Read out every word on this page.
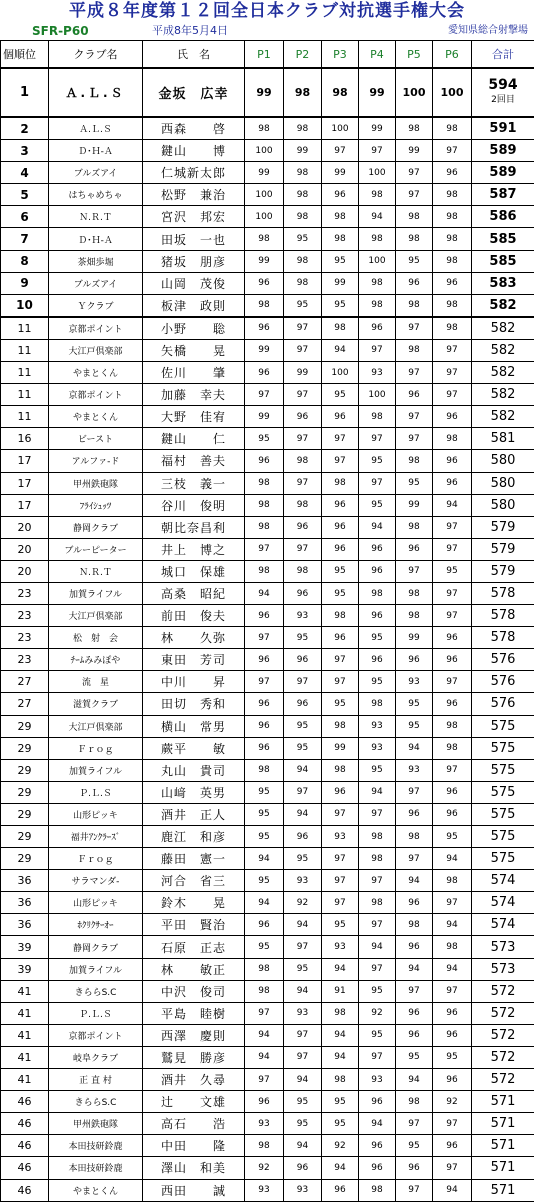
平成８年度第１２回全日本クラブ対抗選手権大会
SFR-P60	平成8年5月4日	愛知県総合射撃場
個順位	クラブ名	氏　名	P1	P2	P3	P4	P5	P6	合計
1	Ａ.Ｌ.Ｓ	金坂　広幸	99	98	98	99	100	100	594
2回目

2	Ａ.Ｌ.Ｓ	西森　　啓	98	98	100	99	98	98	591
3	Ｄ･Ｈ-Ａ	鍵山　　博	100	99	97	97	99	97	589
4	ブルズアイ	仁城新太郎	99	98	99	100	97	96	589
5	はちゃめちゃ	松野　兼治	100	98	96	98	97	98	587
6	Ｎ.Ｒ.Ｔ	宮沢　邦宏	100	98	98	94	98	98	586
7	Ｄ･Ｈ-Ａ	田坂　一也	98	95	98	98	98	98	585
8	茶畑歩堀	猪坂　朋彦	99	98	95	100	95	98	585
9	ブルズアイ	山岡　茂俊	96	98	99	98	96	96	583
10	Ｙクラブ	板津　政則	98	95	95	98	98	98	582
11	京都ポイント	小野　　聡	96	97	98	96	97	98	582
11	大江戸倶楽部	矢橋　　晃	99	97	94	97	98	97	582
11	やまとくん	佐川　　肇	96	99	100	93	97	97	582
11	京都ポイント	加藤　幸夫	97	97	95	100	96	97	582
11	やまとくん	大野　佳宥	99	96	96	98	97	96	582
16	ビースト	鍵山　　仁	95	97	97	97	97	98	581
17	アルファ-ド	福村　善夫	96	98	97	95	98	96	580
17	甲州鉄砲隊	三枝　義一	98	97	98	97	95	96	580
17	ﾌﾗｲｼｭｯﾂ	谷川　俊明	98	98	96	95	99	94	580
20	静岡クラブ	朝比奈昌利	98	96	96	94	98	97	579
20	ブルーピーター	井上　博之	97	97	96	96	96	97	579
20	Ｎ.Ｒ.Ｔ	城口　保雄	98	98	95	96	97	95	579
23	加賀ライフル	高桑　昭紀	94	96	95	98	98	97	578
23	大江戸倶楽部	前田　俊夫	96	93	98	96	98	97	578
23	松　射　会	林　　久弥	97	95	96	95	99	96	578
23	ﾁｰﾑみみぽや	東田　芳司	96	96	97	96	96	96	576
27	流　星	中川　　昇	97	97	97	95	93	97	576
27	滋賀クラブ	田切　秀和	96	96	95	98	95	96	576
29	大江戸倶楽部	横山　常男	96	95	98	93	95	98	575
29	Ｆｒｏｇ	蕨平　　敏	96	95	99	93	94	98	575
29	加賀ライフル	丸山　貴司	98	94	98	95	93	97	575
29	Ｐ.Ｌ.Ｓ	山﨑　英男	95	97	96	94	97	96	575
29	山形ピッキ	酒井　正人	95	94	97	97	96	96	575
29	福井ｱﾝｸﾗｰｽﾞ	鹿江　和彦	95	96	93	98	98	95	575
29	Ｆｒｏｇ	藤田　憲一	94	95	97	98	97	94	575
36	サラマンダ-	河合　省三	95	93	97	97	94	98	574
36	山形ピッキ	鈴木　　晃	94	92	97	98	96	97	574
36	ﾎｸﾘｸｻｰｵｰ	平田　賢治	96	94	95	97	98	94	574
39	静岡クラブ	石原　正志	95	97	93	94	96	98	573
39	加賀ライフル	林　　敏正	98	95	94	97	94	94	573
41	きららS.C	中沢　俊司	98	94	91	95	97	97	572
41	Ｐ.Ｌ.Ｓ	平島　睦樹	97	93	98	92	96	96	572
41	京都ポイント	西澤　慶則	94	97	94	95	96	96	572
41	岐阜クラブ	鷲見　勝彦	94	97	94	97	95	95	572
41	正 直 村	酒井　久尋	97	94	98	93	94	96	572
46	きららS.C	辻　　文雄	96	95	95	96	98	92	571
46	甲州鉄砲隊	高石　　浩	93	95	95	94	97	97	571
46	本田技研鈴鹿	中田　　隆	98	94	92	96	95	96	571
46	本田技研鈴鹿	澤山　和美	92	96	94	96	96	97	571
46	やまとくん	西田　　誠	93	93	96	98	97	94	571
